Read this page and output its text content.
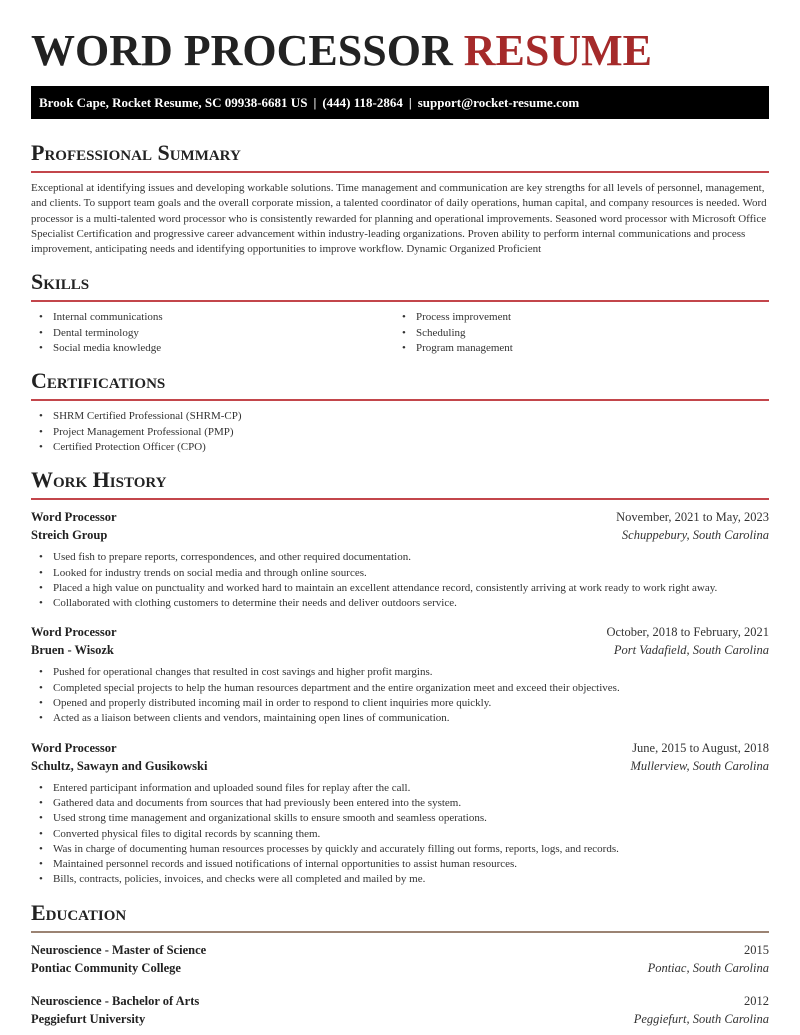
WORD PROCESSOR RESUME
Brook Cape, Rocket Resume, SC 09938-6681 US | (444) 118-2864 | support@rocket-resume.com
Professional Summary

Exceptional at identifying issues and developing workable solutions. Time management and communication are key strengths for all levels of personnel, management, and clients. To support team goals and the overall corporate mission, a talented coordinator of daily operations, human capital, and company resources is needed. Word processor is a multi-talented word processor who is consistently rewarded for planning and operational improvements. Seasoned word processor with Microsoft Office Specialist Certification and progressive career advancement within industry-leading organizations. Proven ability to perform internal communications and process improvement, anticipating needs and identifying opportunities to improve workflow. Dynamic Organized Proficient

Skills
• Internal communications
• Dental terminology
• Social media knowledge
• Process improvement
• Scheduling
• Program management
Certifications
• SHRM Certified Professional (SHRM-CP)
• Project Management Professional (PMP)
• Certified Protection Officer (CPO)
Work History
Word Processor	November, 2021 to May, 2023
Streich Group	Schuppebury, South Carolina
• Used fish to prepare reports, correspondences, and other required documentation.
• Looked for industry trends on social media and through online sources.
• Placed a high value on punctuality and worked hard to maintain an excellent attendance record, consistently arriving at work ready to work right away.
• Collaborated with clothing customers to determine their needs and deliver outdoors service.
Word Processor	October, 2018 to February, 2021
Bruen - Wisozk	Port Vadafield, South Carolina
• Pushed for operational changes that resulted in cost savings and higher profit margins.
• Completed special projects to help the human resources department and the entire organization meet and exceed their objectives.
• Opened and properly distributed incoming mail in order to respond to client inquiries more quickly.
• Acted as a liaison between clients and vendors, maintaining open lines of communication.
Word Processor	June, 2015 to August, 2018
Schultz, Sawayn and Gusikowski	Mullerview, South Carolina
• Entered participant information and uploaded sound files for replay after the call.
• Gathered data and documents from sources that had previously been entered into the system.
• Used strong time management and organizational skills to ensure smooth and seamless operations.
• Converted physical files to digital records by scanning them.
• Was in charge of documenting human resources processes by quickly and accurately filling out forms, reports, logs, and records.
• Maintained personnel records and issued notifications of internal opportunities to assist human resources.
• Bills, contracts, policies, invoices, and checks were all completed and mailed by me.
Education
Neuroscience - Master of Science	2015
Pontiac Community College	Pontiac, South Carolina
Neuroscience - Bachelor of Arts	2012
Peggiefurt University	Peggiefurt, South Carolina
